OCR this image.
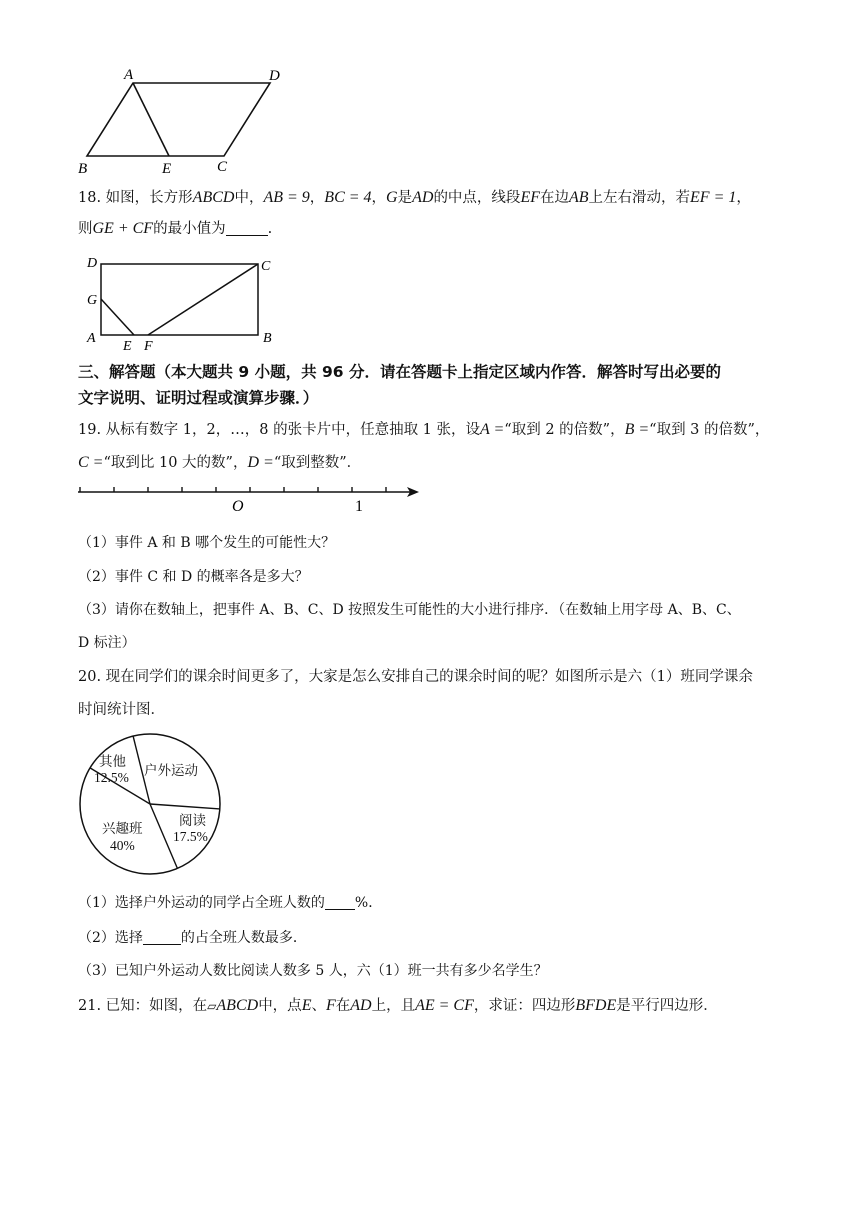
A	D
B	E	C
18. 如图，长方形ABCD中，AB = 9，BC = 4，G是AD的中点，线段EF在边AB上左右滑动，若EF = 1，
则GE + CF的最小值为	.
D	C
G
A
E F
B
三、解答题（本大题共 9 小题，共 96 分．请在答题卡上指定区域内作答．解答时写出必要的
文字说明、证明过程或演算步骤．）
19. 从标有数字 1，2，…，8 的张卡片中，任意抽取 1 张，设A =“取到 2 的倍数”，B =“取到 3 的倍数”，
C =“取到比 10 大的数”，D =“取到整数”．
O	1
（1）事件 A 和 B 哪个发生的可能性大？
（2）事件 C 和 D 的概率各是多大？
（3）请你在数轴上，把事件 A、B、C、D 按照发生可能性的大小进行排序．（在数轴上用字母 A、B、C、
D 标注）
20. 现在同学们的课余时间更多了，大家是怎么安排自己的课余时间的呢？如图所示是六（1）班同学课余
时间统计图．
其他
12.5% 户外运动
阅读
17.5%
兴趣班
40%
（1）选择户外运动的同学占全班人数的 %．
（2）选择	的占全班人数最多．
（3）已知户外运动人数比阅读人数多 5 人，六（1）班一共有多少名学生？
21. 已知：如图，在▱ABCD中，点E、F在AD上，且AE = CF，求证：四边形BFDE是平行四边形．
